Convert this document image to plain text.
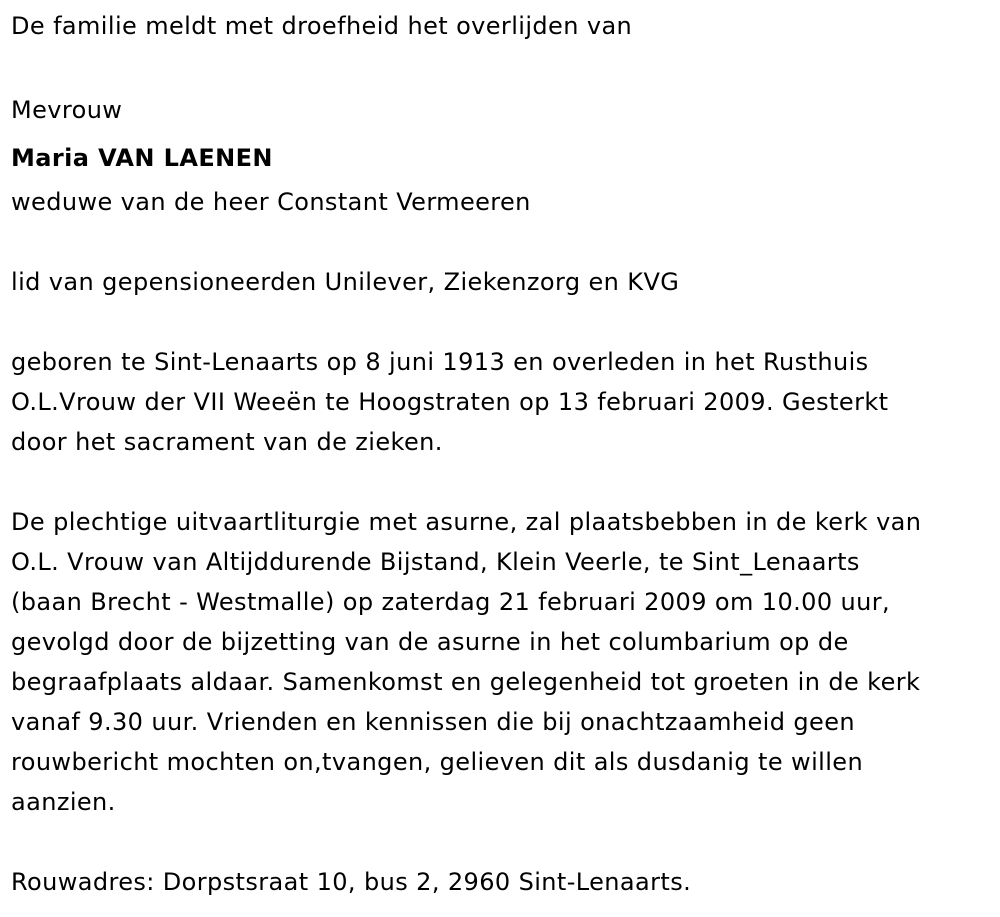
De familie meldt met droefheid het overlijden van
Mevrouw
Maria VAN LAENEN
weduwe van de heer Constant Vermeeren
lid van gepensioneerden Unilever, Ziekenzorg en KVG
geboren te Sint-Lenaarts op 8 juni 1913 en overleden in het Rusthuis
O.L.Vrouw der VII Weeën te Hoogstraten op 13 februari 2009. Gesterkt
door het sacrament van de zieken.
De plechtige uitvaartliturgie met asurne, zal plaatsbebben in de kerk van
O.L. Vrouw van Altijddurende Bijstand, Klein Veerle, te Sint_Lenaarts
(baan Brecht - Westmalle) op zaterdag 21 februari 2009 om 10.00 uur,
gevolgd door de bijzetting van de asurne in het columbarium op de
begraafplaats aldaar. Samenkomst en gelegenheid tot groeten in de kerk
vanaf 9.30 uur. Vrienden en kennissen die bij onachtzaamheid geen
rouwbericht mochten on,tvangen, gelieven dit als dusdanig te willen
aanzien.
Rouwadres: Dorpstsraat 10, bus 2, 2960 Sint-Lenaarts.
